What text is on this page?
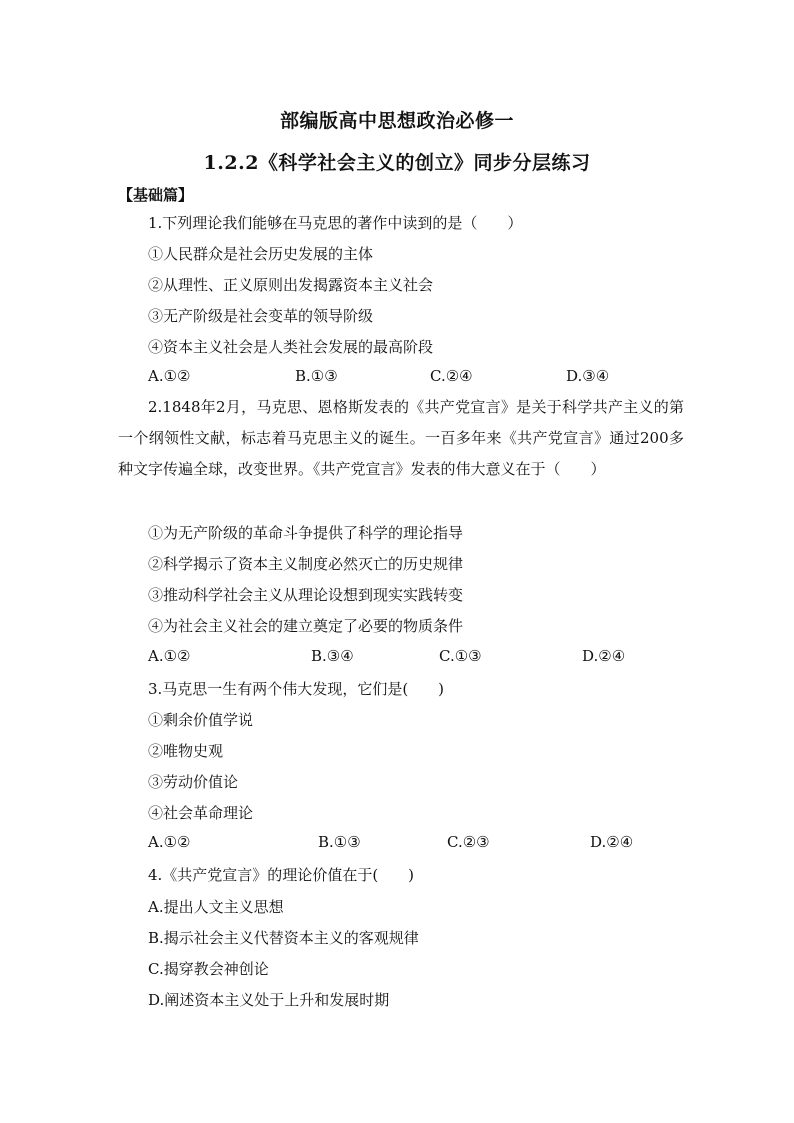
部编版高中思想政治必修一
1.2.2《科学社会主义的创立》同步分层练习
【基础篇】
1.下列理论我们能够在马克思的著作中读到的是（　　）
①人民群众是社会历史发展的主体
②从理性、正义原则出发揭露资本主义社会
③无产阶级是社会变革的领导阶级
④资本主义社会是人类社会发展的最高阶段
A.①②	B.①③	C.②④	D.③④
2.1848年2月，马克思、恩格斯发表的《共产党宣言》是关于科学共产主义的第一个纲领性文献，标志着马克思主义的诞生。一百多年来《共产党宣言》通过200多种文字传遍全球，改变世界。《共产党宣言》发表的伟大意义在于（　　）
①为无产阶级的革命斗争提供了科学的理论指导
②科学揭示了资本主义制度必然灭亡的历史规律
③推动科学社会主义从理论设想到现实实践转变
④为社会主义社会的建立奠定了必要的物质条件
A.①②	B.③④	C.①③	D.②④
3.马克思一生有两个伟大发现，它们是(　　)
①剩余价值学说
②唯物史观
③劳动价值论
④社会革命理论
A.①②	B.①③	C.②③	D.②④
4.《共产党宣言》的理论价值在于(　　)
A.提出人文主义思想
B.揭示社会主义代替资本主义的客观规律
C.揭穿教会神创论
D.阐述资本主义处于上升和发展时期
